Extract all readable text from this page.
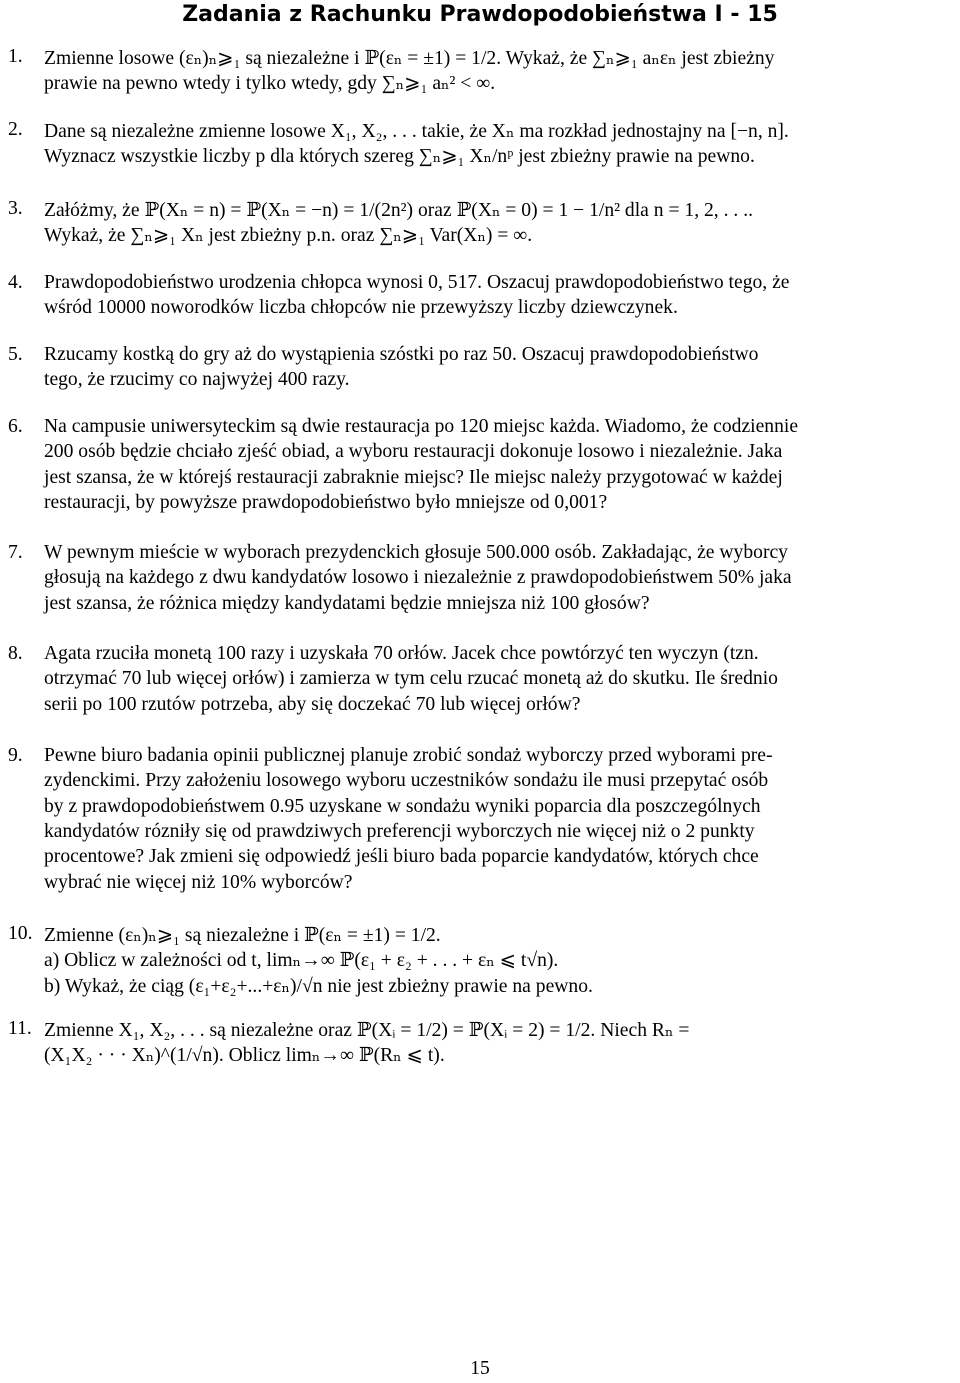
Zadania z Rachunku Prawdopodobieństwa I - 15
1. Zmienne losowe (εₙ)ₙ⩾₁ są niezależne i ℙ(εₙ = ±1) = 1/2. Wykaż, że ∑ₙ⩾₁ aₙεₙ jest zbieżny
prawie na pewno wtedy i tylko wtedy, gdy ∑ₙ⩾₁ aₙ² < ∞.
2. Dane są niezależne zmienne losowe X₁, X₂, . . . takie, że Xₙ ma rozkład jednostajny na [−n, n].
Wyznacz wszystkie liczby p dla których szereg ∑ₙ⩾₁ Xₙ/nᵖ jest zbieżny prawie na pewno.
3. Załóżmy, że ℙ(Xₙ = n) = ℙ(Xₙ = −n) = 1/(2n²) oraz ℙ(Xₙ = 0) = 1 − 1/n² dla n = 1, 2, . . ..
Wykaż, że ∑ₙ⩾₁ Xₙ jest zbieżny p.n. oraz ∑ₙ⩾₁ Var(Xₙ) = ∞.
4. Prawdopodobieństwo urodzenia chłopca wynosi 0, 517. Oszacuj prawdopodobieństwo tego, że
wśród 10000 noworodków liczba chłopców nie przewyższy liczby dziewczynek.
5. Rzucamy kostką do gry aż do wystąpienia szóstki po raz 50. Oszacuj prawdopodobieństwo
tego, że rzucimy co najwyżej 400 razy.
6. Na campusie uniwersyteckim są dwie restauracja po 120 miejsc każda. Wiadomo, że codziennie
200 osób będzie chciało zjeść obiad, a wyboru restauracji dokonuje losowo i niezależnie. Jaka
jest szansa, że w którejś restauracji zabraknie miejsc? Ile miejsc należy przygotować w każdej
restauracji, by powyższe prawdopodobieństwo było mniejsze od 0,001?
7. W pewnym mieście w wyborach prezydenckich głosuje 500.000 osób. Zakładając, że wyborcy
głosują na każdego z dwu kandydatów losowo i niezależnie z prawdopodobieństwem 50% jaka
jest szansa, że różnica między kandydatami będzie mniejsza niż 100 głosów?
8. Agata rzuciła monetą 100 razy i uzyskała 70 orłów. Jacek chce powtórzyć ten wyczyn (tzn.
otrzymać 70 lub więcej orłów) i zamierza w tym celu rzucać monetą aż do skutku. Ile średnio
serii po 100 rzutów potrzeba, aby się doczekać 70 lub więcej orłów?
9. Pewne biuro badania opinii publicznej planuje zrobić sondaż wyborczy przed wyborami pre-
zydenckimi. Przy założeniu losowego wyboru uczestników sondażu ile musi przepytać osób
by z prawdopodobieństwem 0.95 uzyskane w sondażu wyniki poparcia dla poszczególnych
kandydatów rózniły się od prawdziwych preferencji wyborczych nie więcej niż o 2 punkty
procentowe? Jak zmieni się odpowiedź jeśli biuro bada poparcie kandydatów, których chce
wybrać nie więcej niż 10% wyborców?
10. Zmienne (εₙ)ₙ⩾₁ są niezależne i ℙ(εₙ = ±1) = 1/2.
a) Oblicz w zależności od t, limₙ→∞ ℙ(ε₁ + ε₂ + . . . + εₙ ⩽ t√n).
b) Wykaż, że ciąg (ε₁+ε₂+...+εₙ)/√n nie jest zbieżny prawie na pewno.
11. Zmienne X₁, X₂, . . . są niezależne oraz ℙ(Xᵢ = 1/2) = ℙ(Xᵢ = 2) = 1/2. Niech Rₙ =
(X₁X₂ · · · Xₙ)^(1/√n). Oblicz limₙ→∞ ℙ(Rₙ ⩽ t).
15
